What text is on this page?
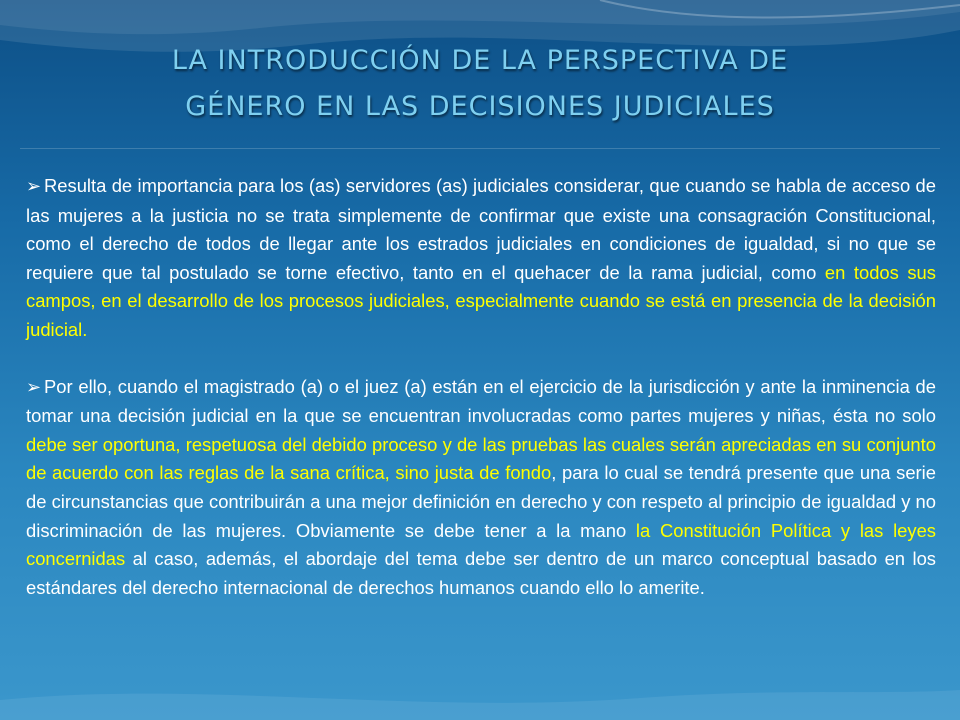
LA INTRODUCCIÓN DE LA PERSPECTIVA DE
GÉNERO EN LAS DECISIONES JUDICIALES

➢ Resulta de importancia para los (as) servidores (as) judiciales considerar, que cuando se habla de acceso de las mujeres a la justicia no se trata simplemente de confirmar que existe una consagración Constitucional, como el derecho de todos de llegar ante los estrados judiciales en condiciones de igualdad, si no que se requiere que tal postulado se torne efectivo, tanto en el quehacer de la rama judicial, como en todos sus campos, en el desarrollo de los procesos judiciales, especialmente cuando se está en presencia de la decisión judicial.

➢ Por ello, cuando el magistrado (a) o el juez (a) están en el ejercicio de la jurisdicción y ante la inminencia de tomar una decisión judicial en la que se encuentran involucradas como partes mujeres y niñas, ésta no solo debe ser oportuna, respetuosa del debido proceso y de las pruebas las cuales serán apreciadas en su conjunto de acuerdo con las reglas de la sana crítica, sino justa de fondo, para lo cual se tendrá presente que una serie de circunstancias que contribuirán a una mejor definición en derecho y con respeto al principio de igualdad y no discriminación de las mujeres. Obviamente se debe tener a la mano la Constitución Política y las leyes concernidas al caso, además, el abordaje del tema debe ser dentro de un marco conceptual basado en los estándares del derecho internacional de derechos humanos cuando ello lo amerite.
